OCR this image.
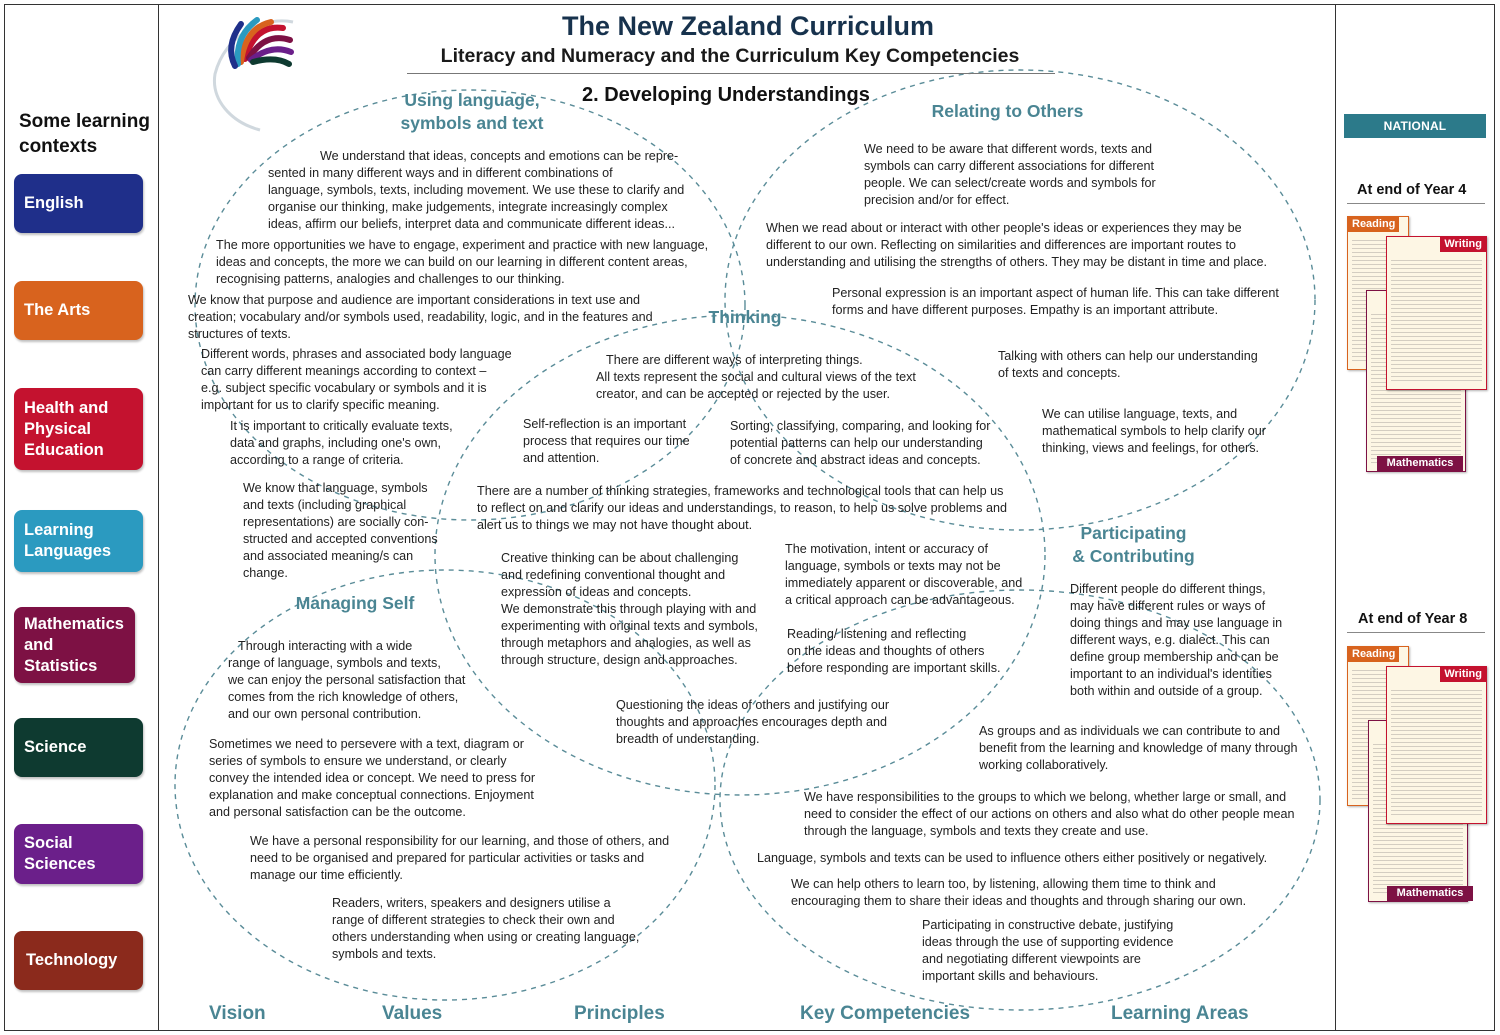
The New Zealand Curriculum
Literacy and Numeracy and the Curriculum Key Competencies
2. Developing Understandings
Some learning
contexts
English
The Arts
Health and
Physical
Education
Learning
Languages
Mathematics
and
Statistics
Science
Social
Sciences
Technology
Using language,
symbols and text
We understand that ideas, concepts and emotions can be repre-
sented in many different ways and in different combinations of
language, symbols, texts, including movement. We use these to clarify and
organise our thinking, make judgements, integrate increasingly complex
ideas, affirm our beliefs, interpret data and communicate different ideas...
The more opportunities we have to engage, experiment and practice with new language,
ideas and concepts, the more we can build on our learning in different content areas,
recognising patterns, analogies and challenges to our thinking.
We know that purpose and audience are important considerations in text use and
creation; vocabulary and/or symbols used, readability, logic, and in the features and
structures of texts.
Different words, phrases and associated body language
can carry different meanings according to context –
e.g. subject specific vocabulary or symbols and it is
important for us to clarify specific meaning.
It is important to critically evaluate texts,
data and graphs, including one's own,
according to a range of criteria.
We know that language, symbols
and texts (including graphical
representations) are socially con-
structed and accepted conventions
and associated meaning/s can
change.
Relating to Others
We need to be aware that different words, texts and
symbols can carry different associations for different
people. We can select/create words and symbols for
precision and/or for effect.
When we read about or interact with other people's ideas or experiences they may be
different to our own. Reflecting on similarities and differences are important routes to
understanding and utilising the strengths of others. They may be distant in time and place.
Personal expression is an important aspect of human life. This can take different
forms and have different purposes. Empathy is an important attribute.
Talking with others can help our understanding
of texts and concepts.
We can utilise language, texts, and
mathematical symbols to help clarify our
thinking, views and feelings, for others.
Thinking
There are different ways of interpreting things.
All texts represent the social and cultural views of the text
creator, and can be accepted or rejected by the user.
Self-reflection is an important
process that requires our time
and attention.
Sorting, classifying, comparing, and looking for
potential patterns can help our understanding
of concrete and abstract ideas and concepts.
There are a number of thinking strategies, frameworks and technological tools that can help us
to reflect on and clarify our ideas and understandings, to reason, to help us solve problems and
alert us to things we may not have thought about.
Creative thinking can be about challenging
and redefining conventional thought and
expression of ideas and concepts.
We demonstrate this through playing with and
experimenting with original texts and symbols,
through metaphors and analogies, as well as
through structure, design and approaches.
The motivation, intent or accuracy of
language, symbols or texts may not be
immediately apparent or discoverable, and
a critical approach can be advantageous.
Reading/ listening and reflecting
on the ideas and thoughts of others
before responding are important skills.
Questioning the ideas of others and justifying our
thoughts and approaches encourages depth and
breadth of understanding.
Managing Self
Through interacting with a wide
range of language, symbols and texts,
we can enjoy the personal satisfaction that
comes from the rich knowledge of others,
and our own personal contribution.
Sometimes we need to persevere with a text, diagram or
series of symbols to ensure we understand, or clearly
convey the intended idea or concept. We need to press for
explanation and make conceptual connections. Enjoyment
and personal satisfaction can be the outcome.
We have a personal responsibility for our learning, and those of others, and
need to be organised and prepared for particular activities or tasks and
manage our time efficiently.
Readers, writers, speakers and designers utilise a
range of different strategies to check their own and
others understanding when using or creating language,
symbols and texts.
Participating
& Contributing
Different people do different things,
may have different rules or ways of
doing things and may use language in
different ways, e.g. dialect. This can
define group membership and can be
important to an individual's identities
both within and outside of a group.
As groups and as individuals we can contribute to and
benefit from the learning and knowledge of many through
working collaboratively.
We have responsibilities to the groups to which we belong, whether large or small, and
need to consider the effect of our actions on others and also what do other people mean
through the language, symbols and texts they create and use.
Language, symbols and texts can be used to influence others either positively or negatively.
We can help others to learn too, by listening, allowing them time to think and
encouraging them to share their ideas and thoughts and through sharing our own.
Participating in constructive debate, justifying
ideas through the use of supporting evidence
and negotiating different viewpoints are
important skills and behaviours.
Vision	Values	Principles	Key Competencies	Learning Areas
NATIONAL STANDARDS
At end of Year 4
Reading
Mathematics
Writing
At end of Year 8
Reading
Mathematics
Writing
